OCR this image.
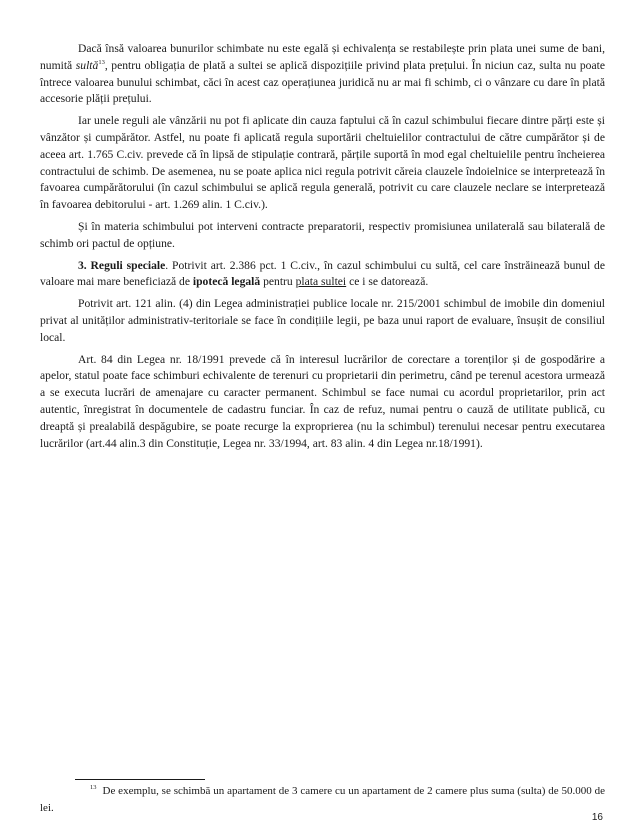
Dacă însă valoarea bunurilor schimbate nu este egală și echivalența se restabilește prin plata unei sume de bani, numită sultă$^{13}$, pentru obligația de plată a sultei se aplică dispozițiile privind plata prețului. În niciun caz, sulta nu poate întrece valoarea bunului schimbat, căci în acest caz operațiunea juridică nu ar mai fi schimb, ci o vânzare cu dare în plată accesorie plății prețului.

Iar unele reguli ale vânzării nu pot fi aplicate din cauza faptului că în cazul schimbului fiecare dintre părți este și vânzător și cumpărător. Astfel, nu poate fi aplicată regula suportării cheltuielilor contractului de către cumpărător și de aceea art. 1.765 C.civ. prevede că în lipsă de stipulație contrară, părțile suportă în mod egal cheltuielile pentru încheierea contractului de schimb. De asemenea, nu se poate aplica nici regula potrivit căreia clauzele îndoielnice se interpretează în favoarea cumpărătorului (în cazul schimbului se aplică regula generală, potrivit cu care clauzele neclare se interpretează în favoarea debitorului - art. 1.269 alin. 1 C.civ.).

Și în materia schimbului pot interveni contracte preparatorii, respectiv promisiunea unilaterală sau bilaterală de schimb ori pactul de opțiune.

3. Reguli speciale. Potrivit art. 2.386 pct. 1 C.civ., în cazul schimbului cu sultă, cel care înstrăinează bunul de valoare mai mare beneficiază de ipotecă legală pentru plata sultei ce i se datorează.

Potrivit art. 121 alin. (4) din Legea administrației publice locale nr. 215/2001 schimbul de imobile din domeniul privat al unităților administrativ-teritoriale se face în condițiile legii, pe baza unui raport de evaluare, însușit de consiliul local.

Art. 84 din Legea nr. 18/1991 prevede că în interesul lucrărilor de corectare a torenților și de gospodărire a apelor, statul poate face schimburi echivalente de terenuri cu proprietarii din perimetru, când pe terenul acestora urmează a se executa lucrări de amenajare cu caracter permanent. Schimbul se face numai cu acordul proprietarilor, prin act autentic, înregistrat în documentele de cadastru funciar. În caz de refuz, numai pentru o cauză de utilitate publică, cu dreaptă și prealabilă despăgubire, se poate recurge la exproprierea (nu la schimbul) terenului necesar pentru executarea lucrărilor (art.44 alin.3 din Constituție, Legea nr. 33/1994, art. 83 alin. 4 din Legea nr.18/1991).

$^{13}$ De exemplu, se schimbă un apartament de 3 camere cu un apartament de 2 camere plus suma (sulta) de 50.000 de lei.

16
